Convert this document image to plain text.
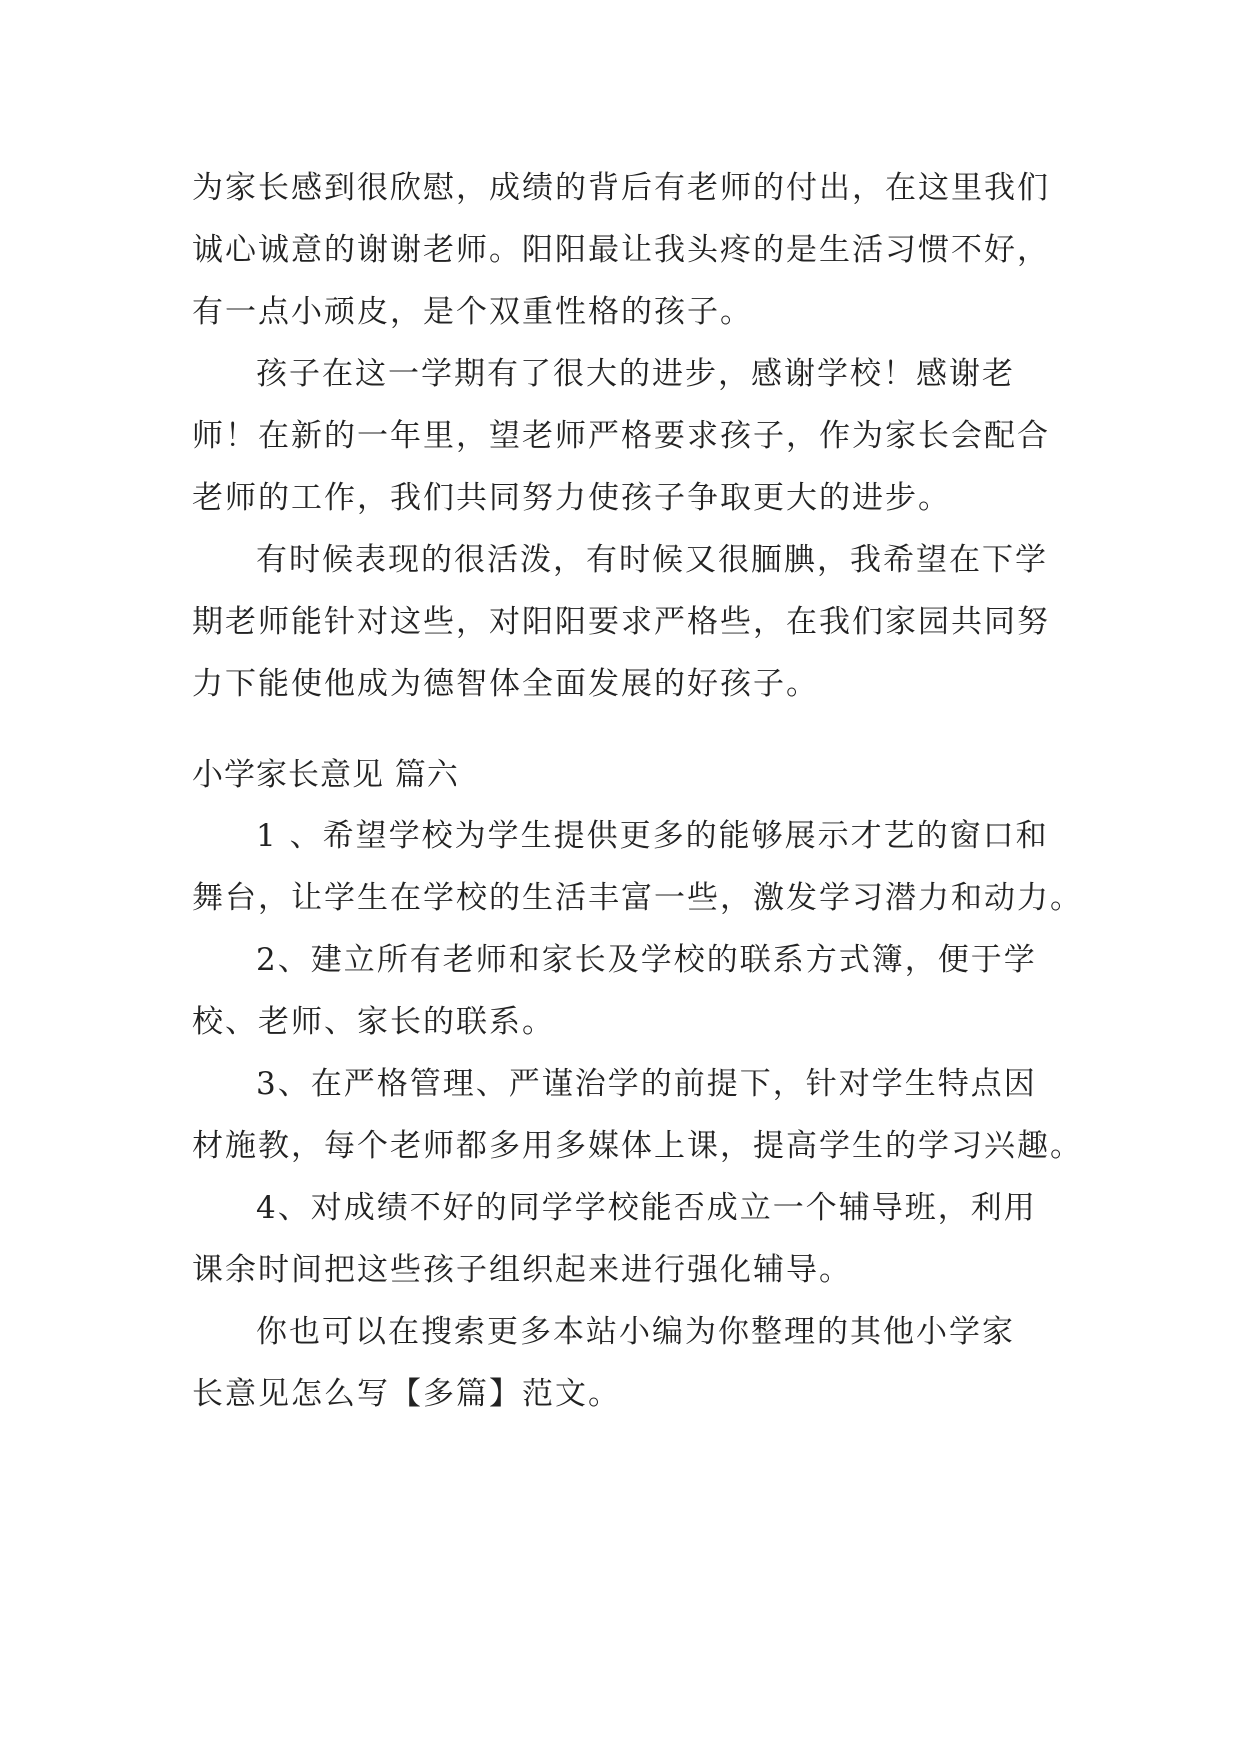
为家长感到很欣慰，成绩的背后有老师的付出，在这里我们
诚心诚意的谢谢老师。阳阳最让我头疼的是生活习惯不好，
有一点小顽皮，是个双重性格的孩子。
孩子在这一学期有了很大的进步，感谢学校！感谢老
师！在新的一年里，望老师严格要求孩子，作为家长会配合
老师的工作，我们共同努力使孩子争取更大的进步。
有时候表现的很活泼，有时候又很腼腆，我希望在下学
期老师能针对这些，对阳阳要求严格些，在我们家园共同努
力下能使他成为德智体全面发展的好孩子。
小学家长意见 篇六
1 、希望学校为学生提供更多的能够展示才艺的窗口和
舞台，让学生在学校的生活丰富一些，激发学习潜力和动力。
2、建立所有老师和家长及学校的联系方式簿，便于学
校、老师、家长的联系。
3、在严格管理、严谨治学的前提下，针对学生特点因
材施教，每个老师都多用多媒体上课，提高学生的学习兴趣。
4、对成绩不好的同学学校能否成立一个辅导班，利用
课余时间把这些孩子组织起来进行强化辅导。
你也可以在搜索更多本站小编为你整理的其他小学家
长意见怎么写【多篇】范文。
